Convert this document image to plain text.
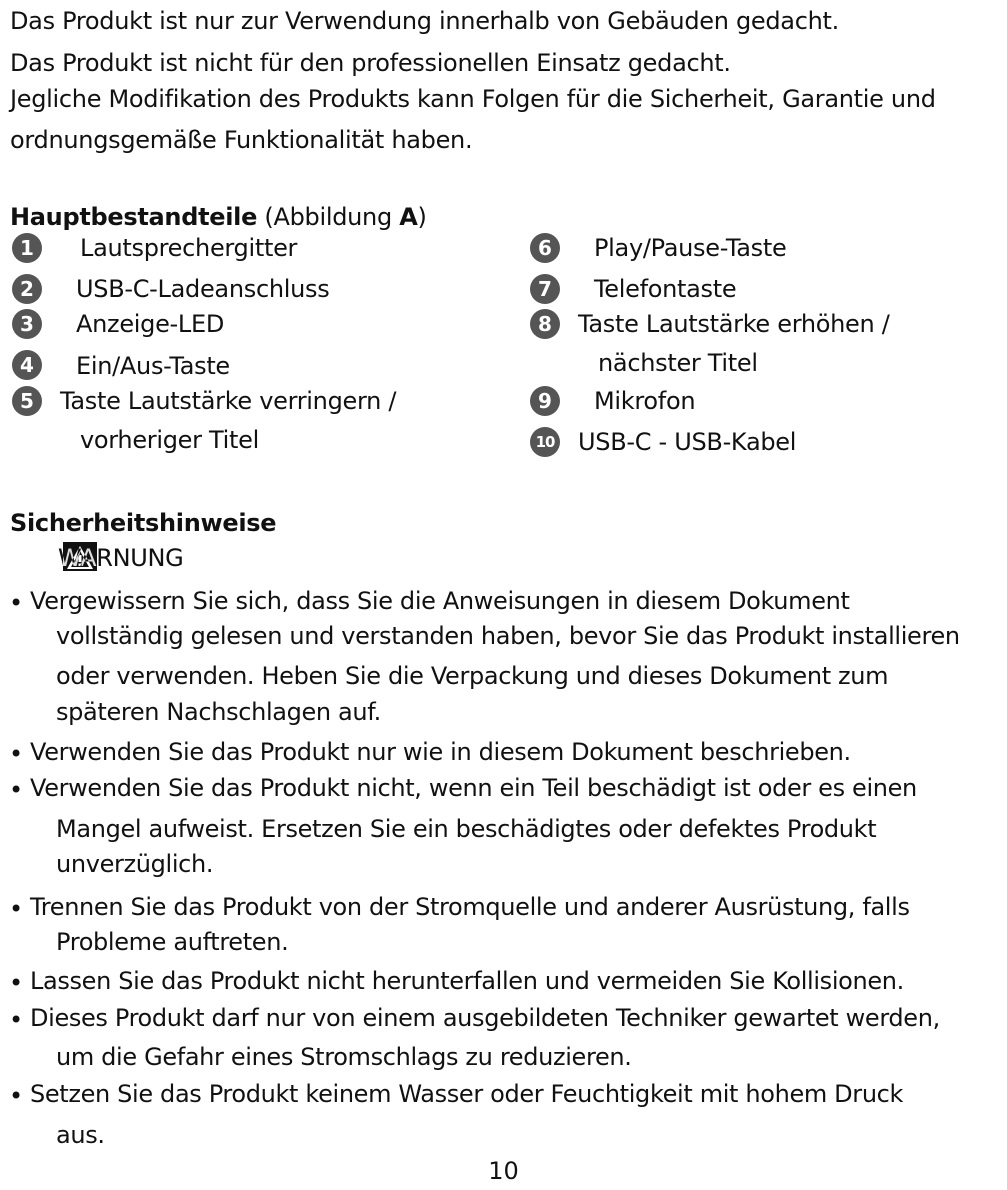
Das Produkt ist nur zur Verwendung innerhalb von Gebäuden gedacht.
Das Produkt ist nicht für den professionellen Einsatz gedacht.
Jegliche Modifikation des Produkts kann Folgen für die Sicherheit, Garantie und
ordnungsgemäße Funktionalität haben.
Hauptbestandteile (Abbildung A)
1	Lautsprechergitter
2	USB-C-Ladeanschluss
3	Anzeige-LED
4	Ein/Aus-Taste
5	Taste Lautstärke verringern /
vorheriger Titel
6	Play/Pause-Taste
7	Telefontaste
8	Taste Lautstärke erhöhen /
nächster Titel
9	Mikrofon
10 USB-C - USB-Kabel
Sicherheitshinweise
WARNUNG
• Vergewissern Sie sich, dass Sie die Anweisungen in diesem Dokument
vollständig gelesen und verstanden haben, bevor Sie das Produkt installieren
oder verwenden. Heben Sie die Verpackung und dieses Dokument zum
späteren Nachschlagen auf.
• Verwenden Sie das Produkt nur wie in diesem Dokument beschrieben.
• Verwenden Sie das Produkt nicht, wenn ein Teil beschädigt ist oder es einen
Mangel aufweist. Ersetzen Sie ein beschädigtes oder defektes Produkt
unverzüglich.
• Trennen Sie das Produkt von der Stromquelle und anderer Ausrüstung, falls
Probleme auftreten.
• Lassen Sie das Produkt nicht herunterfallen und vermeiden Sie Kollisionen.
• Dieses Produkt darf nur von einem ausgebildeten Techniker gewartet werden,
um die Gefahr eines Stromschlags zu reduzieren.
• Setzen Sie das Produkt keinem Wasser oder Feuchtigkeit mit hohem Druck
aus.
10
